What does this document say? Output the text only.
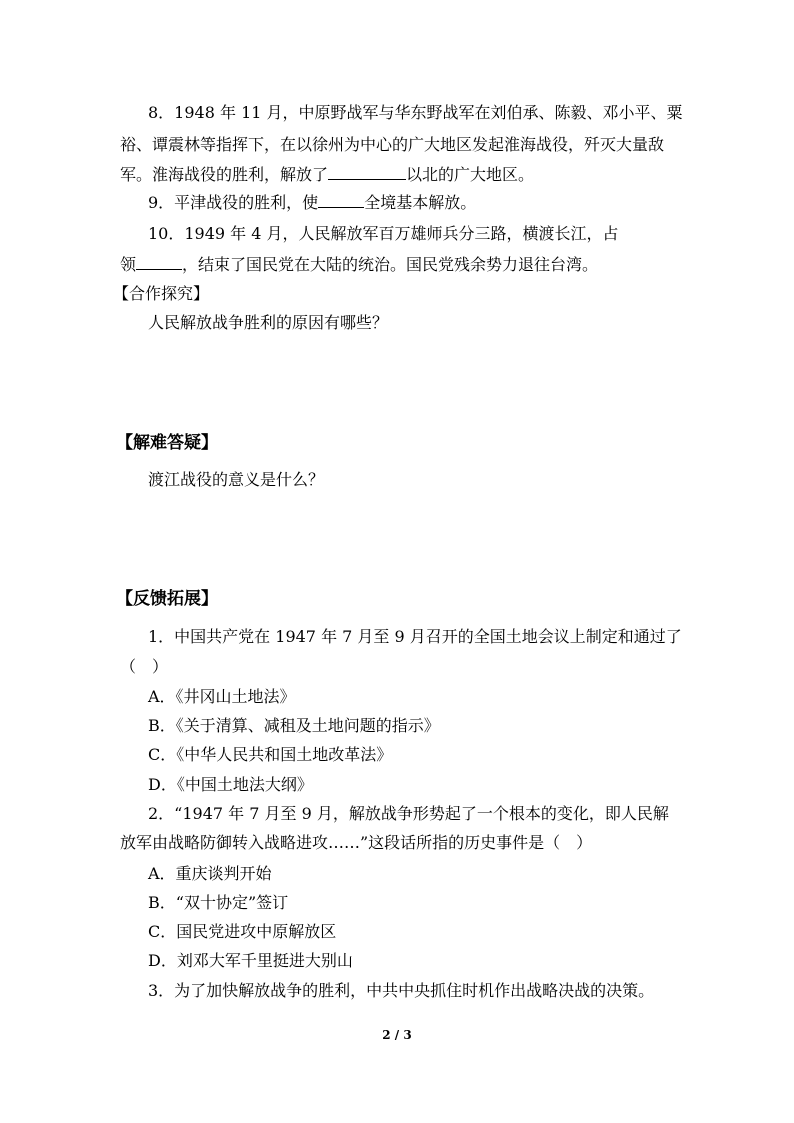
8．1948 年 11 月，中原野战军与华东野战军在刘伯承、陈毅、邓小平、粟
裕、谭震林等指挥下，在以徐州为中心的广大地区发起淮海战役，歼灭大量敌
军。淮海战役的胜利，解放了	以北的广大地区。
9．平津战役的胜利，使	全境基本解放。
10．1949 年 4 月，人民解放军百万雄师兵分三路，横渡长江，占
领	，结束了国民党在大陆的统治。国民党残余势力退往台湾。
【合作探究】
人民解放战争胜利的原因有哪些？
【解难答疑】
渡江战役的意义是什么？
【反馈拓展】
1．中国共产党在 1947 年 7 月至 9 月召开的全国土地会议上制定和通过了
（　）
A．《井冈山土地法》
B．《关于清算、减租及土地问题的指示》
C．《中华人民共和国土地改革法》
D．《中国土地法大纲》
2．“1947 年 7 月至 9 月，解放战争形势起了一个根本的变化，即人民解
放军由战略防御转入战略进攻……”这段话所指的历史事件是（　）
A．重庆谈判开始
B．“双十协定”签订
C．国民党进攻中原解放区
D．刘邓大军千里挺进大别山
3．为了加快解放战争的胜利，中共中央抓住时机作出战略决战的决策。
2 / 3
